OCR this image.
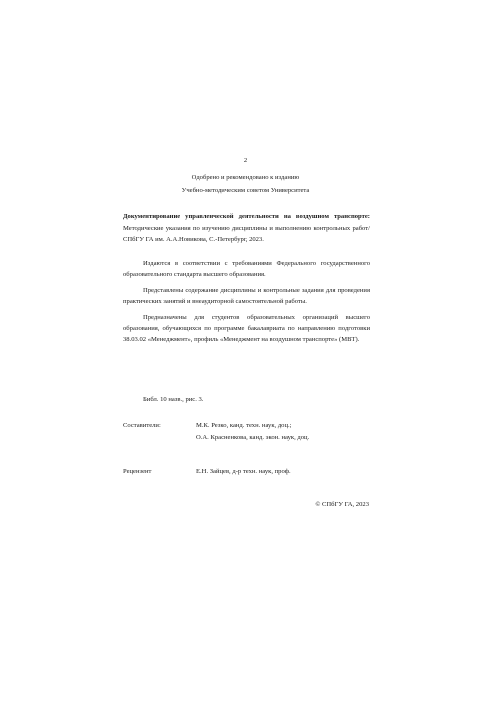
2
Одобрено и рекомендовано к изданию
Учебно-методическим советом Университета
Документирование управленческой деятельности на воздушном транспорте: Методические указания по изучению дисциплины и выполнению контрольных работ/ СПбГУ ГА им. А.А.Новикова, С.-Петербург, 2023.

Издаются в соответствии с требованиями Федерального государственного образовательного стандарта высшего образования.

Представлены содержание дисциплины и контрольные задания для проведения практических занятий и внеаудиторной самостоятельной работы.

Предназначены для студентов образовательных организаций высшего образования, обучающихся по программе бакалавриата по направлению подготовки 38.03.02 «Менеджмент», профиль «Менеджмент на воздушном транспорте» (МВТ).

Библ. 10 назв., рис. 3.
Составители:	М.К. Резко, канд. техн. наук, доц.;
О.А. Красненкова, канд. экон. наук, доц.
Рецензент	Е.Н. Зайцев, д-р техн. наук, проф.
© СПбГУ ГА, 2023
